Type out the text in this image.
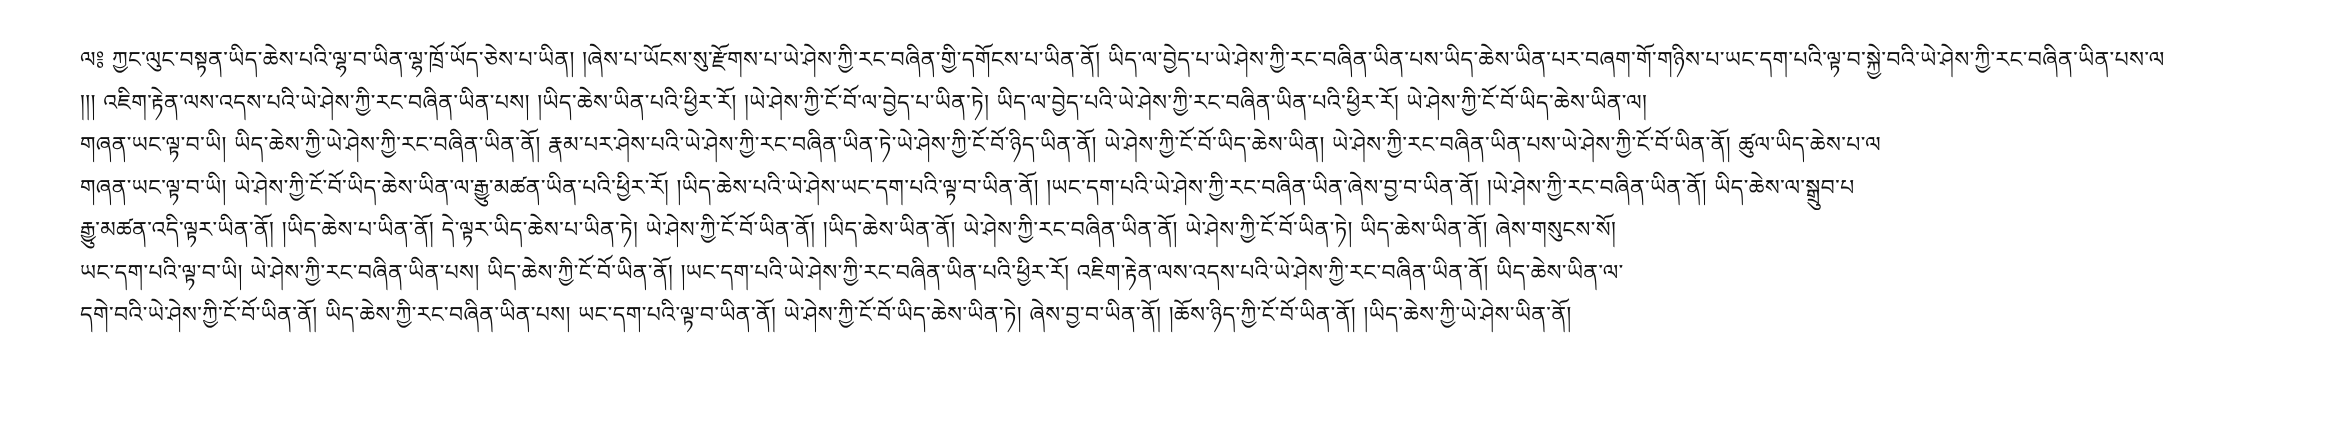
ལ༔ ཀྱང་ལུང་བསྟན་ཡིད་ཆེས་པའི་ལྷ་བ་ཡིན་ལྷ་ཁྲོ་ཡོད་ཅེས་པ་ཡིན། །ཞེས་པ་ཡོངས་སུ་རྫོགས་པ་ཡེ་ཤེས་ཀྱི་རང་བཞིན་གྱི་དགོངས་པ་ཡིན་ནོ། ཡིད་ལ་བྱེད་པ་ཡེ་ཤེས་ཀྱི་རང་བཞིན་ཡིན་པས་ཡིད་ཆེས་ཡིན་པར་བཞག་གོ་གཉིས་པ་ཡང་དག་པའི་ལྟ་བ་སྐྱེ་བའི་ཡེ་ཤེས་ཀྱི་རང་བཞིན་ཡིན་པས་ལ
།།། འཇིག་རྟེན་ལས་འདས་པའི་ཡེ་ཤེས་ཀྱི་རང་བཞིན་ཡིན་པས། །ཡིད་ཆེས་ཡིན་པའི་ཕྱིར་རོ། །ཡེ་ཤེས་ཀྱི་ངོ་བོ་ལ་བྱེད་པ་ཡིན་ཏེ། ཡིད་ལ་བྱེད་པའི་ཡེ་ཤེས་ཀྱི་རང་བཞིན་ཡིན་པའི་ཕྱིར་རོ། ཡེ་ཤེས་ཀྱི་ངོ་བོ་ཡིད་ཆེས་ཡིན་ལ།
གཞན་ཡང་ལྟ་བ་ཡི། ཡིད་ཆེས་ཀྱི་ཡེ་ཤེས་ཀྱི་རང་བཞིན་ཡིན་ནོ། རྣམ་པར་ཤེས་པའི་ཡེ་ཤེས་ཀྱི་རང་བཞིན་ཡིན་ཏེ་ཡེ་ཤེས་ཀྱི་ངོ་བོ་ཉིད་ཡིན་ནོ། ཡེ་ཤེས་ཀྱི་ངོ་བོ་ཡིད་ཆེས་ཡིན། ཡེ་ཤེས་ཀྱི་རང་བཞིན་ཡིན་པས་ཡེ་ཤེས་ཀྱི་ངོ་བོ་ཡིན་ནོ། ཚུལ་ཡིད་ཆེས་པ་ལ
གཞན་ཡང་ལྟ་བ་ཡི། ཡེ་ཤེས་ཀྱི་ངོ་བོ་ཡིད་ཆེས་ཡིན་ལ་རྒྱུ་མཚན་ཡིན་པའི་ཕྱིར་རོ། །ཡིད་ཆེས་པའི་ཡེ་ཤེས་ཡང་དག་པའི་ལྟ་བ་ཡིན་ནོ། །ཡང་དག་པའི་ཡེ་ཤེས་ཀྱི་རང་བཞིན་ཡིན་ཞེས་བྱ་བ་ཡིན་ནོ། །ཡེ་ཤེས་ཀྱི་རང་བཞིན་ཡིན་ནོ། ཡིད་ཆེས་ལ་སྒྲུབ་པ
རྒྱུ་མཚན་འདི་ལྟར་ཡིན་ནོ། །ཡིད་ཆེས་པ་ཡིན་ནོ། དེ་ལྟར་ཡིད་ཆེས་པ་ཡིན་ཏེ། ཡེ་ཤེས་ཀྱི་ངོ་བོ་ཡིན་ནོ། །ཡིད་ཆེས་ཡིན་ནོ། ཡེ་ཤེས་ཀྱི་རང་བཞིན་ཡིན་ནོ། ཡེ་ཤེས་ཀྱི་ངོ་བོ་ཡིན་ཏེ། ཡིད་ཆེས་ཡིན་ནོ། ཞེས་གསུངས་སོ།
ཡང་དག་པའི་ལྟ་བ་ཡི། ཡེ་ཤེས་ཀྱི་རང་བཞིན་ཡིན་པས། ཡིད་ཆེས་ཀྱི་ངོ་བོ་ཡིན་ནོ། །ཡང་དག་པའི་ཡེ་ཤེས་ཀྱི་རང་བཞིན་ཡིན་པའི་ཕྱིར་རོ། འཇིག་རྟེན་ལས་འདས་པའི་ཡེ་ཤེས་ཀྱི་རང་བཞིན་ཡིན་ནོ། ཡིད་ཆེས་ཡིན་ལ་
དགེ་བའི་ཡེ་ཤེས་ཀྱི་ངོ་བོ་ཡིན་ནོ། ཡིད་ཆེས་ཀྱི་རང་བཞིན་ཡིན་པས། ཡང་དག་པའི་ལྟ་བ་ཡིན་ནོ། ཡེ་ཤེས་ཀྱི་ངོ་བོ་ཡིད་ཆེས་ཡིན་ཏེ། ཞེས་བྱ་བ་ཡིན་ནོ། །ཆོས་ཉིད་ཀྱི་ངོ་བོ་ཡིན་ནོ། །ཡིད་ཆེས་ཀྱི་ཡེ་ཤེས་ཡིན་ནོ།
